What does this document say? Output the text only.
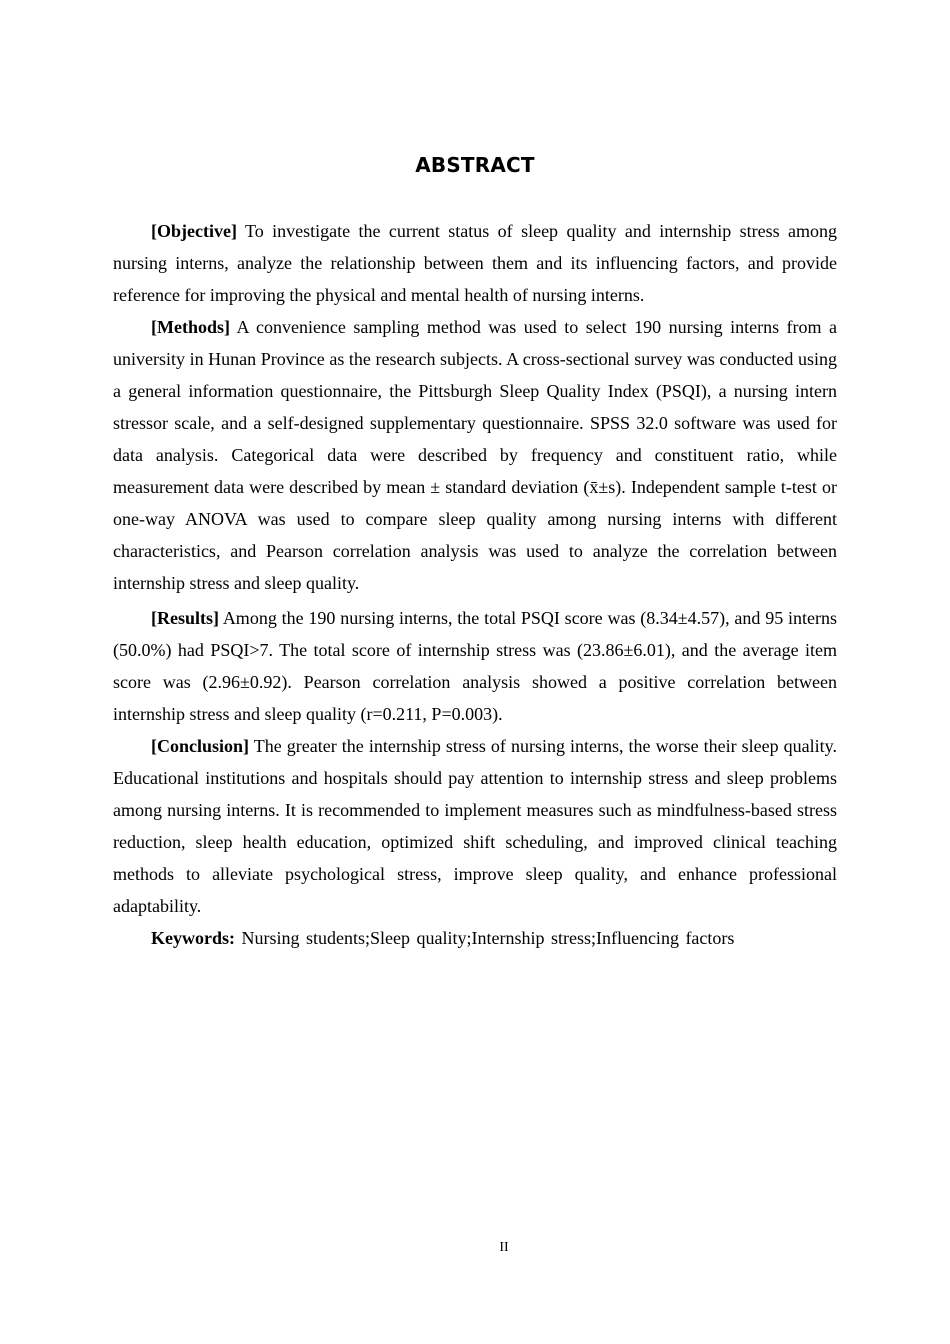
ABSTRACT

[Objective] To investigate the current status of sleep quality and internship stress among nursing interns, analyze the relationship between them and its influencing factors, and provide reference for improving the physical and mental health of nursing interns.

[Methods] A convenience sampling method was used to select 190 nursing interns from a university in Hunan Province as the research subjects. A cross-sectional survey was conducted using a general information questionnaire, the Pittsburgh Sleep Quality Index (PSQI), a nursing intern stressor scale, and a self-designed supplementary questionnaire. SPSS 32.0 software was used for data analysis. Categorical data were described by frequency and constituent ratio, while measurement data were described by mean ± standard deviation (x̄±s). Independent sample t-test or one-way ANOVA was used to compare sleep quality among nursing interns with different characteristics, and Pearson correlation analysis was used to analyze the correlation between internship stress and sleep quality.

[Results] Among the 190 nursing interns, the total PSQI score was (8.34±4.57), and 95 interns (50.0%) had PSQI>7. The total score of internship stress was (23.86±6.01), and the average item score was (2.96±0.92). Pearson correlation analysis showed a positive correlation between internship stress and sleep quality (r=0.211, P=0.003).

[Conclusion] The greater the internship stress of nursing interns, the worse their sleep quality. Educational institutions and hospitals should pay attention to internship stress and sleep problems among nursing interns. It is recommended to implement measures such as mindfulness-based stress reduction, sleep health education, optimized shift scheduling, and improved clinical teaching methods to alleviate psychological stress, improve sleep quality, and enhance professional adaptability.

Keywords: Nursing students;Sleep quality;Internship stress;Influencing factors

II
